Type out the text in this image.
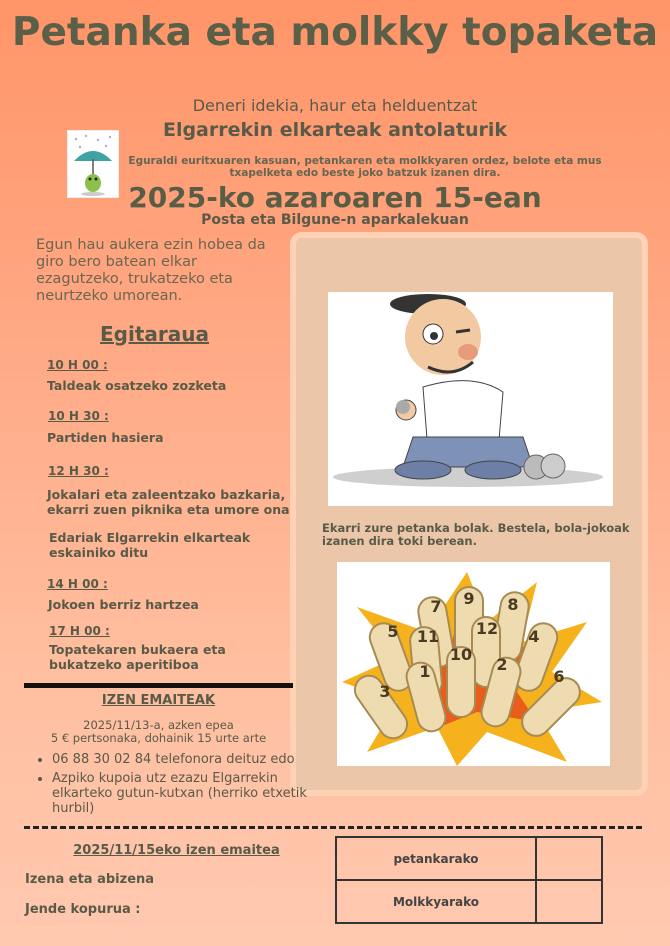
Petanka eta molkky topaketa
Deneri idekia, haur eta helduentzat
Elgarrekin elkarteak antolaturik
Eguraldi euritxuaren kasuan, petankaren eta molkkyaren ordez, belote eta mus txapelketa edo beste joko batzuk izanen dira.
2025-ko azaroaren 15-ean
Posta eta Bilgune-n aparkalekuan
Egun hau aukera ezin hobea da giro bero batean elkar ezagutzeko, trukatzeko eta neurtzeko umorean.
Egitaraua
10 H 00 :
Taldeak osatzeko zozketa
10 H 30 :
Partiden hasiera
12 H 30 :
Jokalari eta zaleentzako bazkaria, ekarri zuen piknika eta umore ona
Edariak Elgarrekin elkarteak eskainiko ditu
14 H 00 :
Jokoen berriz hartzea
17 H 00 :
Topatekaren bukaera eta bukatzeko aperitiboa
Ekarri zure petanka bolak. Bestela, bola-jokoak izanen dira toki berean.
7 9 8
5 11 12 4
3
1
10
2
6
IZEN EMAITEAK
2025/11/13-a, azken epea
5 € pertsonaka, dohainik 15 urte arte
• 06 88 30 02 84 telefonora deituz edo
• Azpiko kupoia utz ezazu Elgarrekin elkarteko gutun-kutxan (herriko etxetik hurbil)
2025/11/15eko izen emaitea
Izena eta abizena
Jende kopurua :
petankarako	
Molkkyarako	
